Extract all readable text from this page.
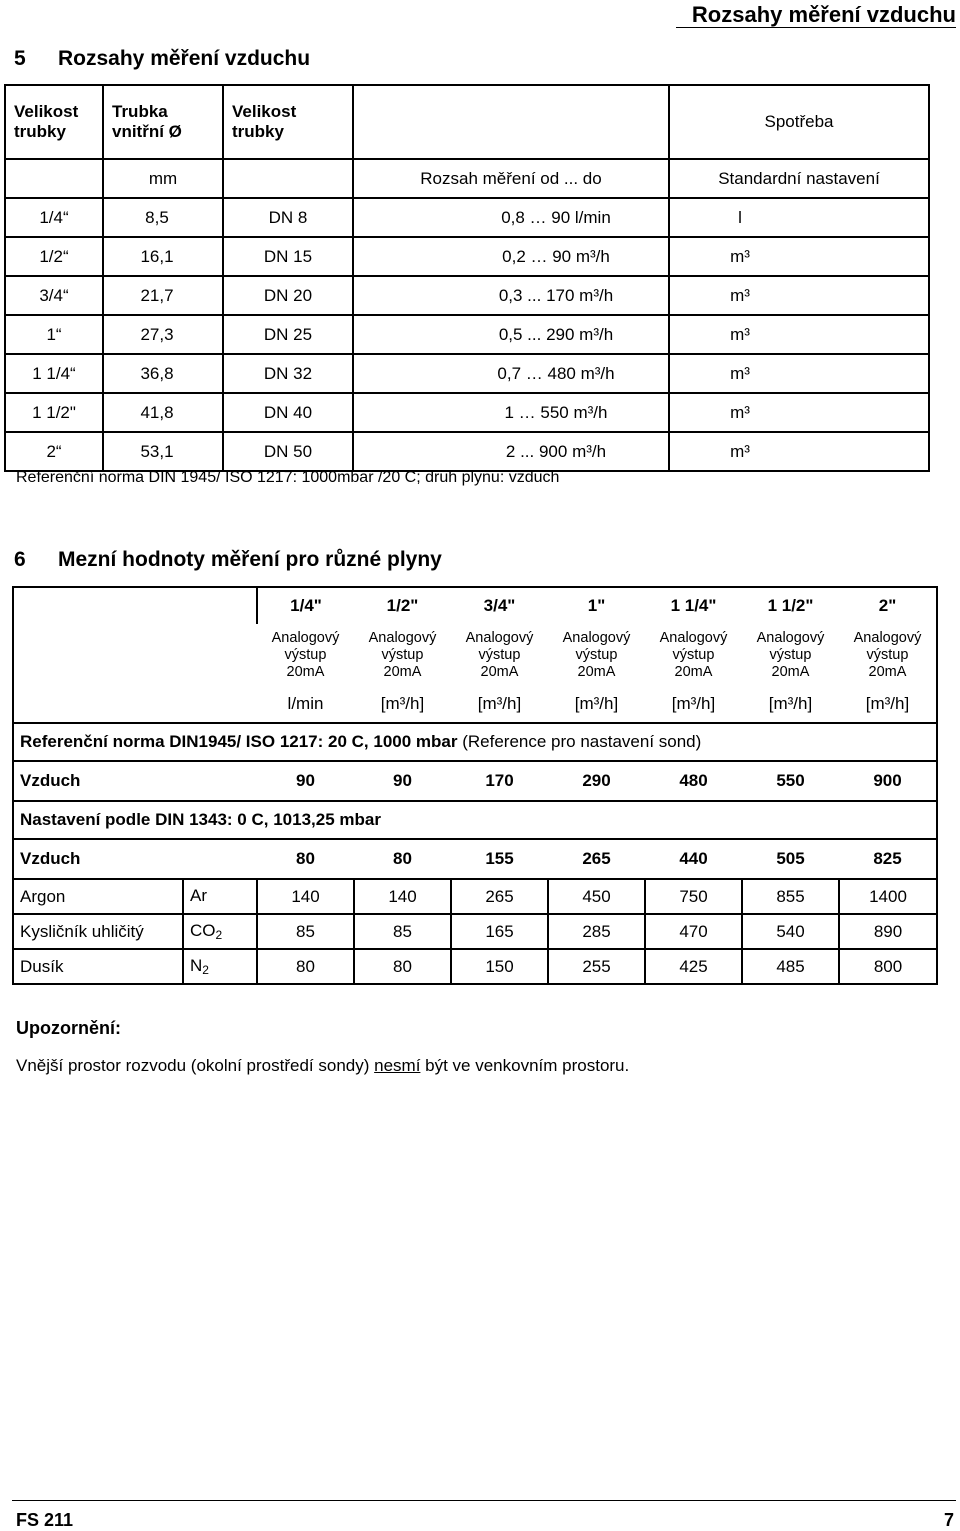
Rozsahy měření vzduchu
5 Rozsahy měření vzduchu
Velikost trubky	Trubka vnitřní Ø	Velikost trubky		Spotřeba
	mm		Rozsah měření od ... do	Standardní nastavení
1/4“	8,5	DN 8	0,8 … 90 l/min	l
1/2“	16,1	DN 15	0,2 … 90 m³/h	m³
3/4“	21,7	DN 20	0,3 ... 170 m³/h	m³
1“	27,3	DN 25	0,5 ... 290 m³/h	m³
1 1/4“	36,8	DN 32	0,7 … 480 m³/h	m³
1 1/2"	41,8	DN 40	1 … 550 m³/h	m³
2“	53,1	DN 50	2 ... 900 m³/h	m³
Referenční norma DIN 1945/ ISO 1217: 1000mbar /20 C; druh plynu: vzduch
6 Mezní hodnoty měření pro různé plyny
		1/4"	1/2"	3/4"	1"	1 1/4"	1 1/2"	2"
		Analogový
výstup
20mA	Analogový
výstup
20mA	Analogový
výstup
20mA	Analogový
výstup
20mA	Analogový
výstup
20mA	Analogový
výstup
20mA	Analogový
výstup
20mA
		l/min	[m³/h]	[m³/h]	[m³/h]	[m³/h]	[m³/h]	[m³/h]
Referenční norma DIN1945/ ISO 1217: 20 C, 1000 mbar (Reference pro nastavení sond)								
Vzduch		90	90	170	290	480	550	900
Nastavení podle DIN 1343: 0 C, 1013,25 mbar								
Vzduch		80	80	155	265	440	505	825
Argon	Ar	140	140	265	450	750	855	1400
Kysličník uhličitý	$CO_2$	85	85	165	285	470	540	890
Dusík	$N_2$	80	80	150	255	425	485	800
Upozornění:
Vnější prostor rozvodu (okolní prostředí sondy) nesmí být ve venkovním prostoru.
FS 211	7
